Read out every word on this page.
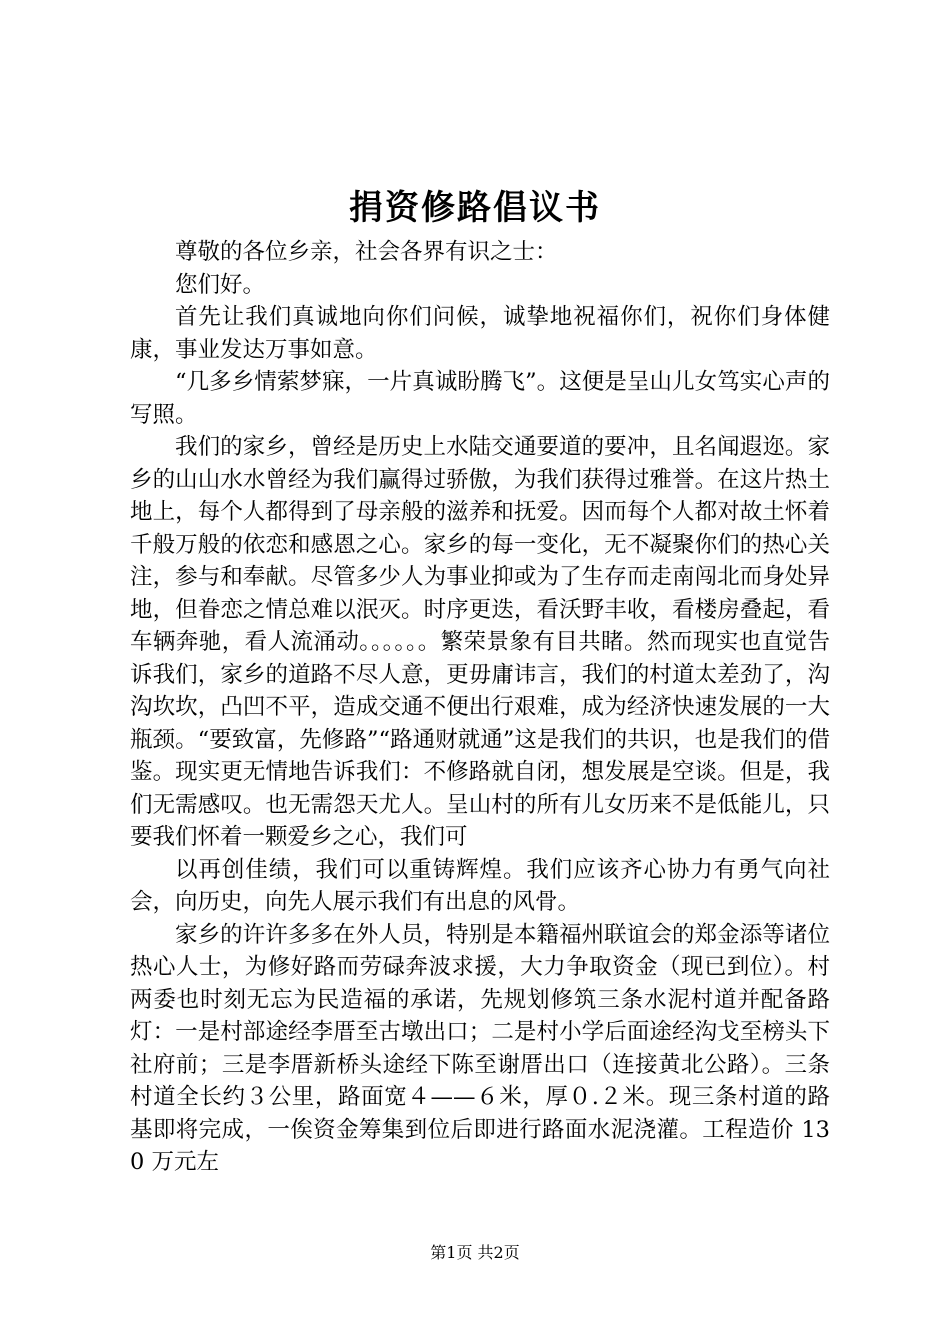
捐资修路倡议书

尊敬的各位乡亲，社会各界有识之士：

您们好。

首先让我们真诚地向你们问候，诚挚地祝福你们，祝你们身体健康，事业发达万事如意。

“几多乡情萦梦寐，一片真诚盼腾飞”。这便是呈山儿女笃实心声的写照。

我们的家乡，曾经是历史上水陆交通要道的要冲，且名闻遐迩。家乡的山山水水曾经为我们赢得过骄傲，为我们获得过雅誉。在这片热土地上，每个人都得到了母亲般的滋养和抚爱。因而每个人都对故土怀着千般万般的依恋和感恩之心。家乡的每一变化，无不凝聚你们的热心关注，参与和奉献。尽管多少人为事业抑或为了生存而走南闯北而身处异地，但眷恋之情总难以泯灭。时序更迭，看沃野丰收，看楼房叠起，看车辆奔驰，看人流涌动。。。。。。繁荣景象有目共睹。然而现实也直觉告诉我们，家乡的道路不尽人意，更毋庸讳言，我们的村道太差劲了，沟沟坎坎，凸凹不平，造成交通不便出行艰难，成为经济快速发展的一大瓶颈。“要致富，先修路”“路通财就通”这是我们的共识，也是我们的借鉴。现实更无情地告诉我们：不修路就自闭，想发展是空谈。但是，我们无需感叹。也无需怨天尤人。呈山村的所有儿女历来不是低能儿，只要我们怀着一颗爱乡之心，我们可

以再创佳绩，我们可以重铸辉煌。我们应该齐心协力有勇气向社会，向历史，向先人展示我们有出息的风骨。

家乡的许许多多在外人员，特别是本籍福州联谊会的郑金添等诸位热心人士，为修好路而劳碌奔波求援，大力争取资金（现已到位）。村两委也时刻无忘为民造福的承诺，先规划修筑三条水泥村道并配备路灯：一是村部途经李厝至古墩出口；二是村小学后面途经沟戈至榜头下社府前；三是李厝新桥头途经下陈至谢厝出口（连接黄北公路）。三条村道全长约３公里，路面宽４——６米，厚０.２米。现三条村道的路基即将完成，一俟资金筹集到位后即进行路面水泥浇灌。工程造价 130 万元左

第1页 共2页
